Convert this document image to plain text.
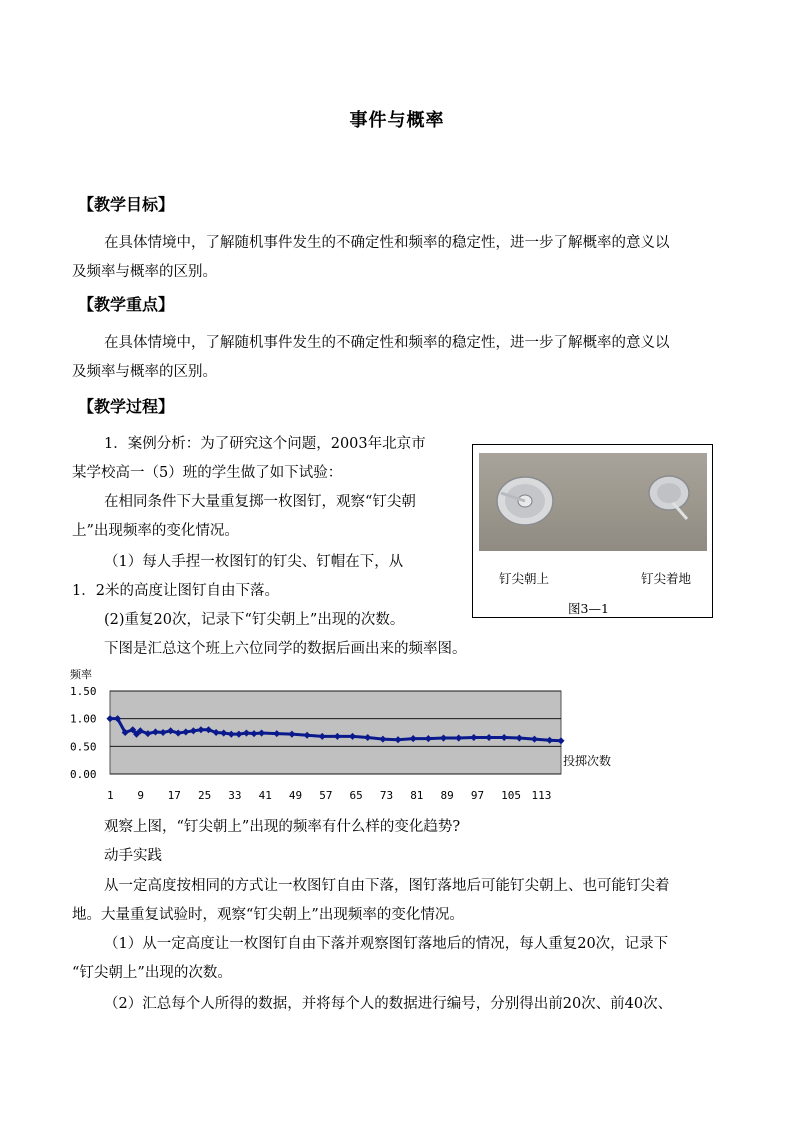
事件与概率
【教学目标】
在具体情境中，了解随机事件发生的不确定性和频率的稳定性，进一步了解概率的意义以
及频率与概率的区别。
【教学重点】
在具体情境中，了解随机事件发生的不确定性和频率的稳定性，进一步了解概率的意义以
及频率与概率的区别。
【教学过程】
1．案例分析：为了研究这个问题，2003年北京市
某学校高一（5）班的学生做了如下试验：
在相同条件下大量重复掷一枚图钉，观察“钉尖朝
上”出现频率的变化情况。
（1）每人手捏一枚图钉的钉尖、钉帽在下，从
1．2米的高度让图钉自由下落。
(2)重复20次，记录下“钉尖朝上”出现的次数。
下图是汇总这个班上六位同学的数据后画出来的频率图。
钉尖朝上	钉尖着地
图3—1
频率
1.50
1.00
0.50
0.00
1 9 17 25 33 41 49 57 65 73 81 89 97 105 113
投掷次数
观察上图，“钉尖朝上”出现的频率有什么样的变化趋势?
动手实践
从一定高度按相同的方式让一枚图钉自由下落，图钉落地后可能钉尖朝上、也可能钉尖着
地。大量重复试验时，观察“钉尖朝上”出现频率的变化情况。
（1）从一定高度让一枚图钉自由下落并观察图钉落地后的情况，每人重复20次，记录下
“钉尖朝上”出现的次数。
（2）汇总每个人所得的数据，并将每个人的数据进行编号，分别得出前20次、前40次、
